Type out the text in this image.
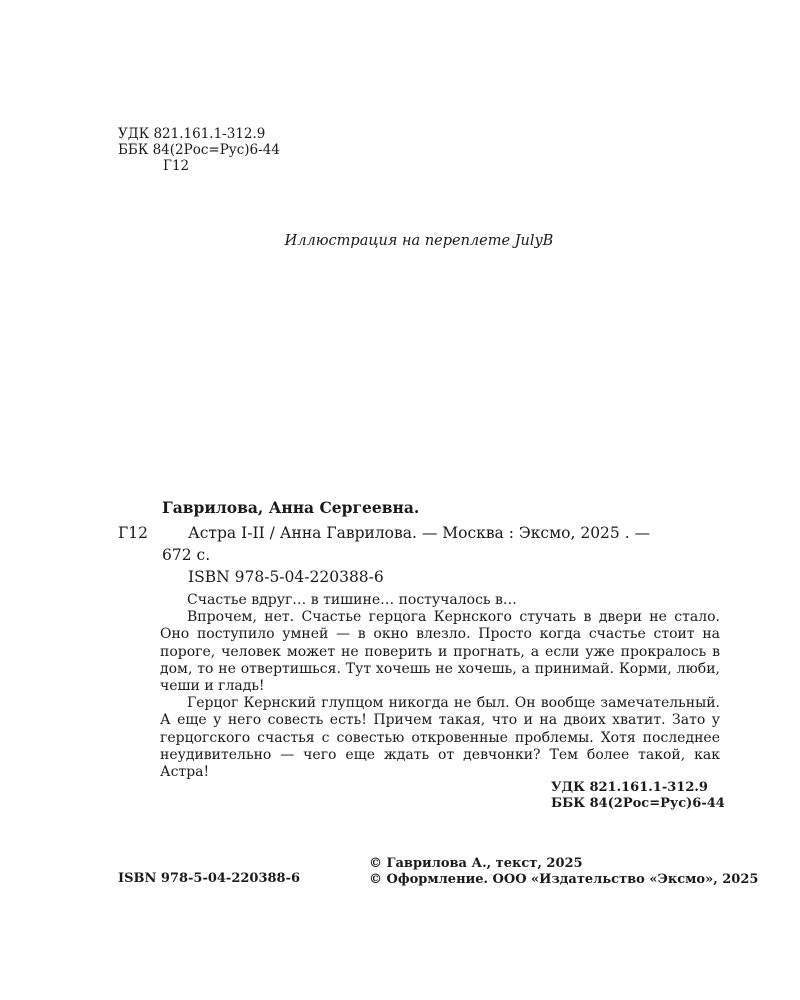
УДК 821.161.1-312.9
ББК 84(2Рос=Рус)6-44
Г12
Иллюстрация на переплете JulyB
Гаврилова, Анна Сергеевна.
Г12	Астра I-II / Анна Гаврилова. — Москва : Эксмо, 2025 . —
672 с.
ISBN 978-5-04-220388-6

Счастье вдруг… в тишине… постучалось в…

Впрочем, нет. Счастье герцога Кернского стучать в двери не стало. Оно поступило умней — в окно влезло. Просто когда счастье стоит на пороге, человек может не поверить и прогнать, а если уже прокралось в дом, то не отвертишься. Тут хочешь не хочешь, а принимай. Корми, люби, чеши и гладь!

Герцог Кернский глупцом никогда не был. Он вообще замечательный. А еще у него совесть есть! Причем такая, что и на двоих хватит. Зато у герцогского счастья с совестью откровенные проблемы. Хотя последнее неудивительно — чего еще ждать от девчонки? Тем более такой, как Астра!

УДК 821.161.1-312.9
ББК 84(2Рос=Рус)6-44
ISBN 978-5-04-220388-6
© Гаврилова А., текст, 2025
© Оформление. ООО «Издательство «Эксмо», 2025
